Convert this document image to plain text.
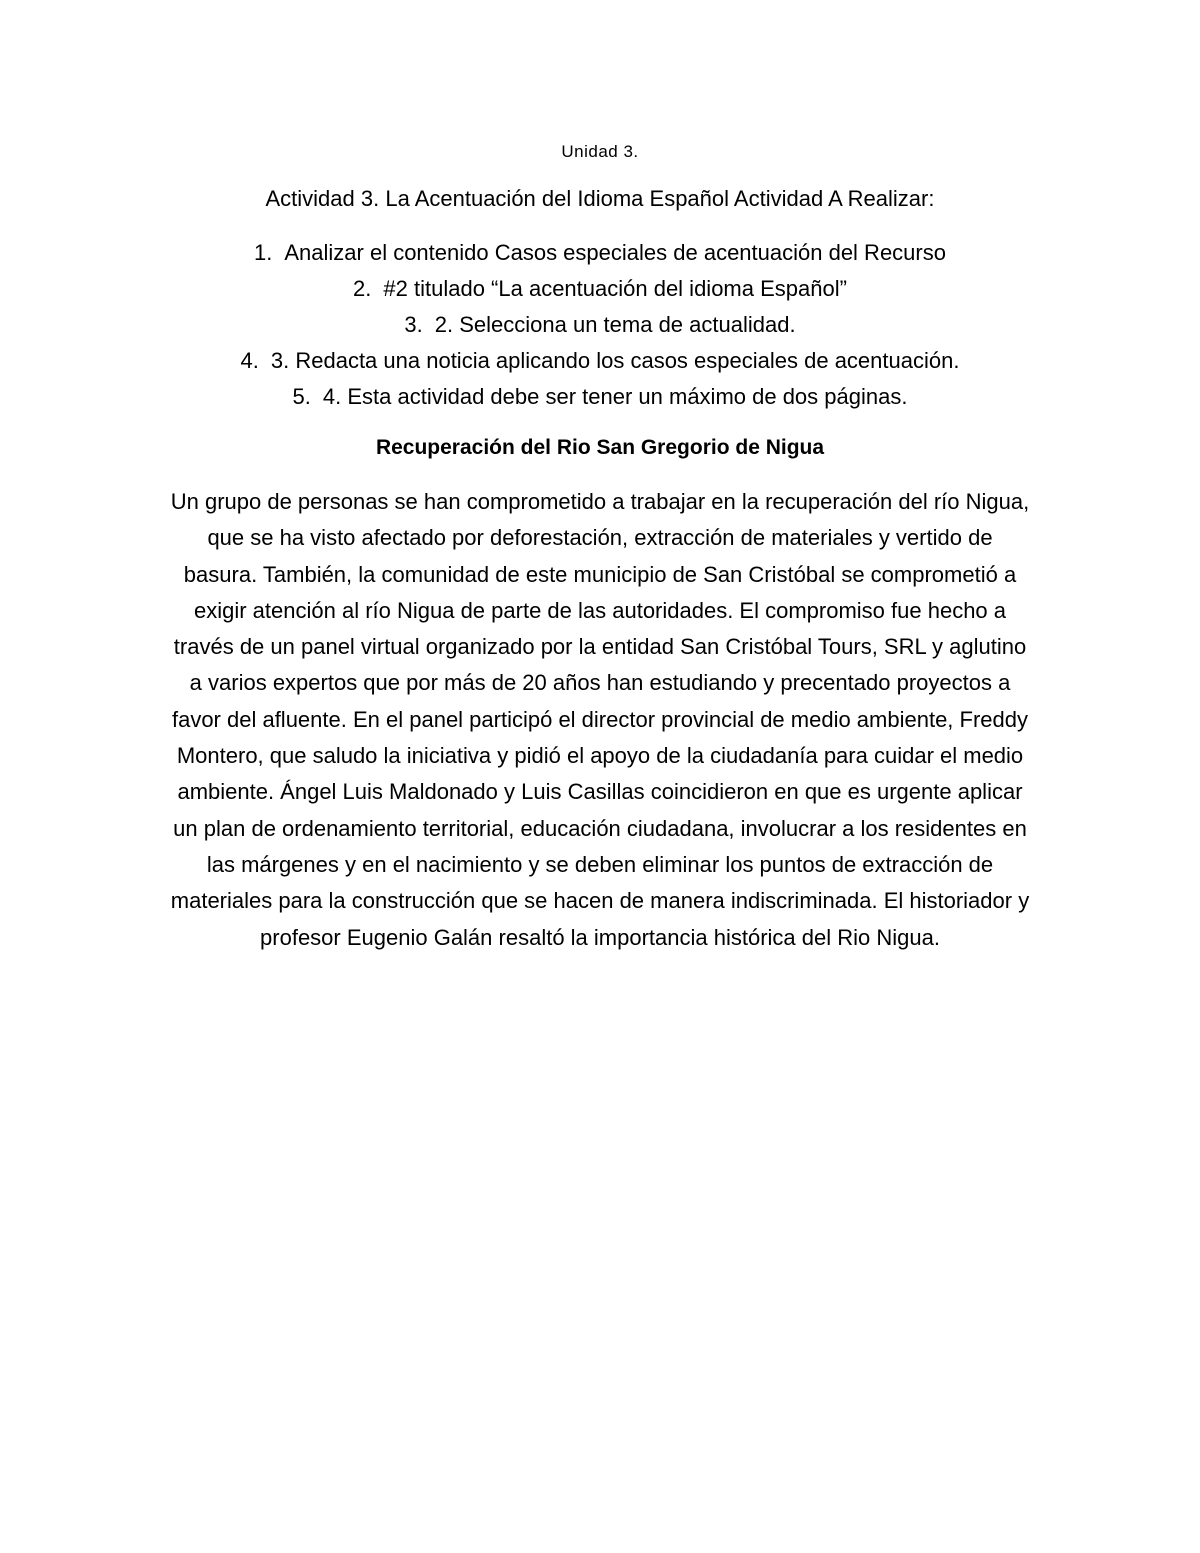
Unidad 3.
Actividad 3. La Acentuación del Idioma Español Actividad A Realizar:
1. Analizar el contenido Casos especiales de acentuación del Recurso
2. #2 titulado “La acentuación del idioma Español”
3. 2. Selecciona un tema de actualidad.
4. 3. Redacta una noticia aplicando los casos especiales de acentuación.
5. 4. Esta actividad debe ser tener un máximo de dos páginas.
Recuperación del Rio San Gregorio de Nigua

Un grupo de personas se han comprometido a trabajar en la recuperación del río Nigua, que se ha visto afectado por deforestación, extracción de materiales y vertido de basura. También, la comunidad de este municipio de San Cristóbal se comprometió a exigir atención al río Nigua de parte de las autoridades. El compromiso fue hecho a través de un panel virtual organizado por la entidad San Cristóbal Tours, SRL y aglutino a varios expertos que por más de 20 años han estudiando y precentado proyectos a favor del afluente. En el panel participó el director provincial de medio ambiente, Freddy Montero, que saludo la iniciativa y pidió el apoyo de la ciudadanía para cuidar el medio ambiente. Ángel Luis Maldonado y Luis Casillas coincidieron en que es urgente aplicar un plan de ordenamiento territorial, educación ciudadana, involucrar a los residentes en las márgenes y en el nacimiento y se deben eliminar los puntos de extracción de materiales para la construcción que se hacen de manera indiscriminada. El historiador y profesor Eugenio Galán resaltó la importancia histórica del Rio Nigua.
